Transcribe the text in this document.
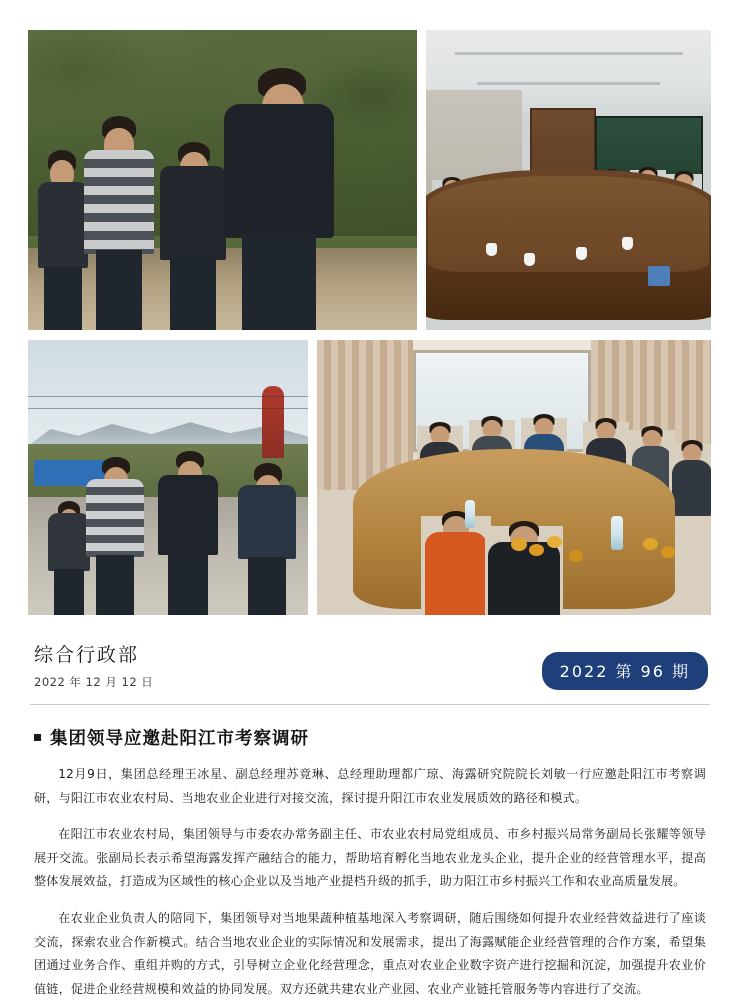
综合行政部
2022 年 12 月 12 日
2022 第 96 期
集团领导应邀赴阳江市考察调研

12月9日，集团总经理王冰星、副总经理苏竟琳、总经理助理都广琼、海露研究院院长刘敏一行应邀赴阳江市考察调研，与阳江市农业农村局、当地农业企业进行对接交流，探讨提升阳江市农业发展质效的路径和模式。

在阳江市农业农村局，集团领导与市委农办常务副主任、市农业农村局党组成员、市乡村振兴局常务副局长张耀等领导展开交流。张副局长表示希望海露发挥产融结合的能力，帮助培育孵化当地农业龙头企业，提升企业的经营管理水平，提高整体发展效益，打造成为区域性的核心企业以及当地产业提档升级的抓手，助力阳江市乡村振兴工作和农业高质量发展。

在农业企业负责人的陪同下，集团领导对当地果蔬种植基地深入考察调研，随后围绕如何提升农业经营效益进行了座谈交流，探索农业合作新模式。结合当地农业企业的实际情况和发展需求，提出了海露赋能企业经营管理的合作方案，希望集团通过业务合作、重组并购的方式，引导树立企业化经营理念，重点对农业企业数字资产进行挖掘和沉淀，加强提升农业价值链，促进企业经营规模和效益的协同发展。双方还就共建农业产业园、农业产业链托管服务等内容进行了交流。
